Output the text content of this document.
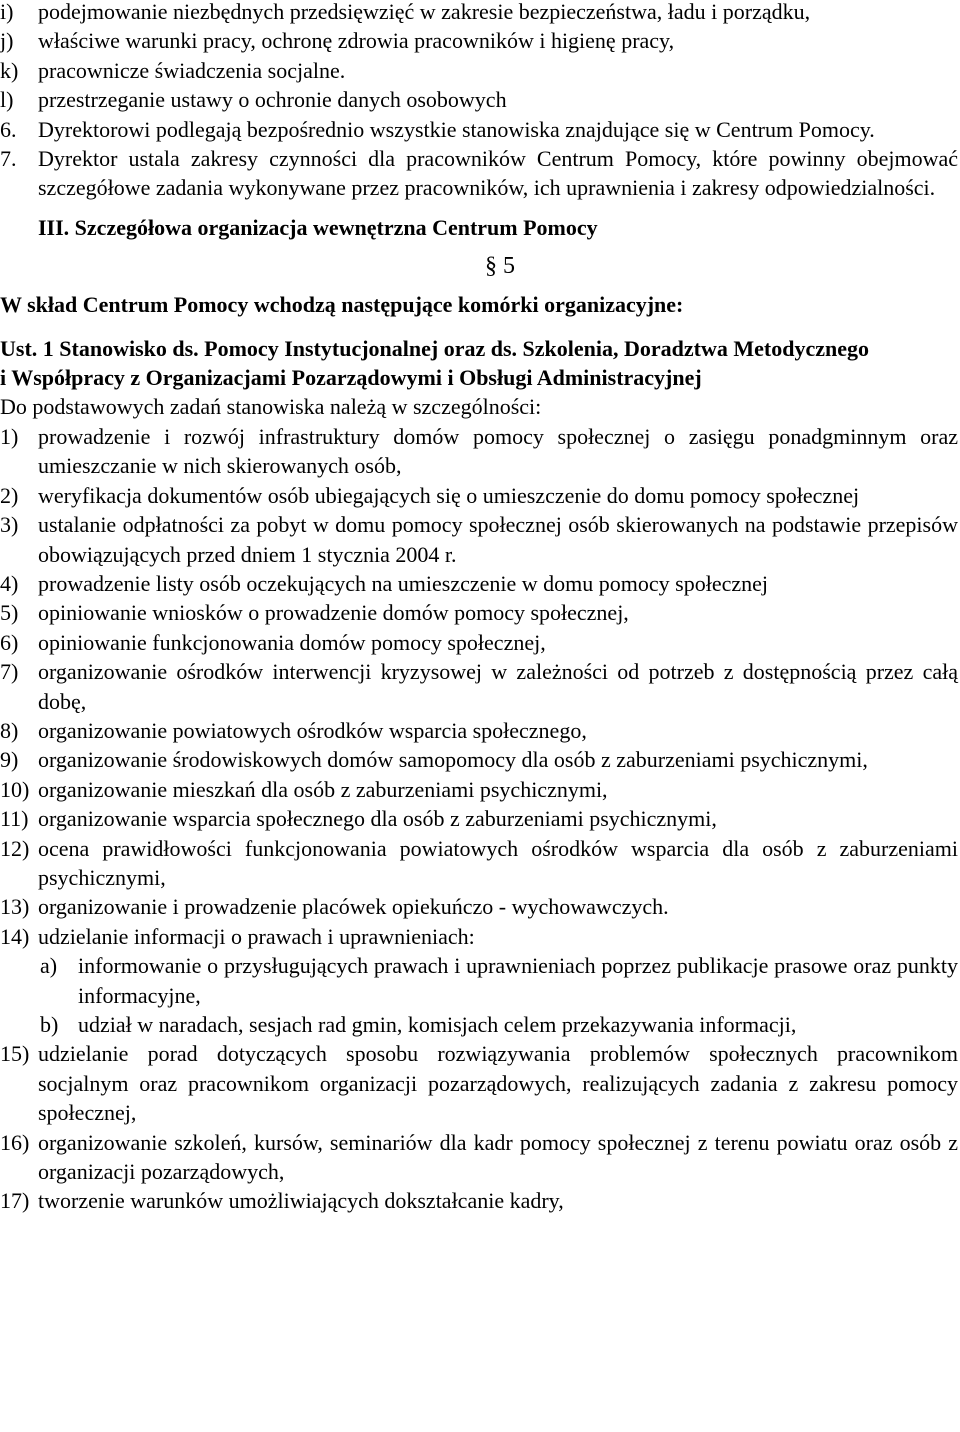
i) podejmowanie niezbędnych przedsięwzięć w zakresie bezpieczeństwa, ładu i porządku,
j) właściwe warunki pracy, ochronę zdrowia pracowników i higienę pracy,
k) pracownicze świadczenia socjalne.
l) przestrzeganie ustawy o ochronie danych osobowych
6. Dyrektorowi podlegają bezpośrednio wszystkie stanowiska znajdujące się w Centrum Pomocy.
7. Dyrektor ustala zakresy czynności dla pracowników Centrum Pomocy, które powinny obejmować szczegółowe zadania wykonywane przez pracowników, ich uprawnienia i zakresy odpowiedzialności.
III. Szczegółowa organizacja wewnętrzna Centrum Pomocy
§ 5
W skład Centrum Pomocy wchodzą następujące komórki organizacyjne:
Ust. 1 Stanowisko ds. Pomocy Instytucjonalnej oraz ds. Szkolenia, Doradztwa Metodycznego i Współpracy z Organizacjami Pozarządowymi i Obsługi Administracyjnej
Do podstawowych zadań stanowiska należą w szczególności:
1) prowadzenie i rozwój infrastruktury domów pomocy społecznej o zasięgu ponadgminnym oraz umieszczanie w nich skierowanych osób,
2) weryfikacja dokumentów osób ubiegających się o umieszczenie do domu pomocy społecznej
3) ustalanie odpłatności za pobyt w domu pomocy społecznej osób skierowanych na podstawie przepisów obowiązujących przed dniem 1 stycznia 2004 r.
4) prowadzenie listy osób oczekujących na umieszczenie w domu pomocy społecznej
5) opiniowanie wniosków o prowadzenie domów pomocy społecznej,
6) opiniowanie funkcjonowania domów pomocy społecznej,
7) organizowanie ośrodków interwencji kryzysowej w zależności od potrzeb z dostępnością przez całą dobę,
8) organizowanie powiatowych ośrodków wsparcia społecznego,
9) organizowanie środowiskowych domów samopomocy dla osób z zaburzeniami psychicznymi,
10) organizowanie mieszkań dla osób z zaburzeniami psychicznymi,
11) organizowanie wsparcia społecznego dla osób z zaburzeniami psychicznymi,
12) ocena prawidłowości funkcjonowania powiatowych ośrodków wsparcia dla osób z zaburzeniami psychicznymi,
13) organizowanie i prowadzenie placówek opiekuńczo - wychowawczych.
14) udzielanie informacji o prawach i uprawnieniach:
a) informowanie o przysługujących prawach i uprawnieniach poprzez publikacje prasowe oraz punkty informacyjne,
b) udział w naradach, sesjach rad gmin, komisjach celem przekazywania informacji,
15) udzielanie porad dotyczących sposobu rozwiązywania problemów społecznych pracownikom socjalnym oraz pracownikom organizacji pozarządowych, realizujących zadania z zakresu pomocy społecznej,
16) organizowanie szkoleń, kursów, seminariów dla kadr pomocy społecznej z terenu powiatu oraz osób z organizacji pozarządowych,
17) tworzenie warunków umożliwiających dokształcanie kadry,
